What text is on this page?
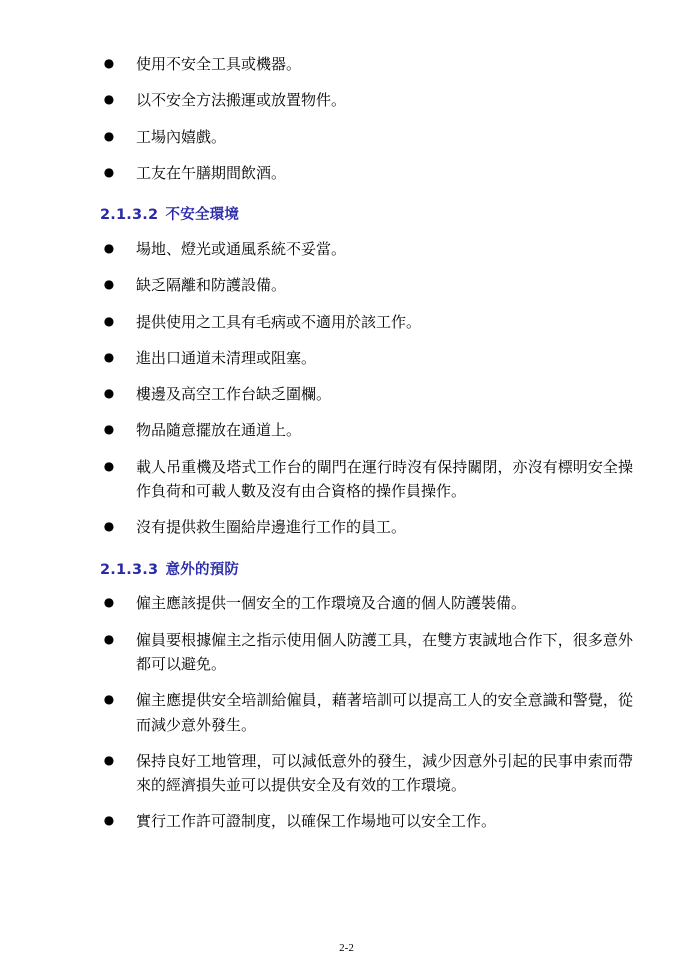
● 使用不安全工具或機器。
● 以不安全方法搬運或放置物件。
● 工場內嬉戲。
● 工友在午膳期間飲酒。
2.1.3.2 不安全環境
● 場地、燈光或通風系統不妥當。
● 缺乏隔離和防護設備。
● 提供使用之工具有毛病或不適用於該工作。
● 進出口通道未清理或阻塞。
● 樓邊及高空工作台缺乏圍欄。
● 物品隨意擺放在通道上。
● 載人吊重機及塔式工作台的閘門在運行時沒有保持關閉，亦沒有標明安全操作負荷和可載人數及沒有由合資格的操作員操作。
● 沒有提供救生圈給岸邊進行工作的員工。
2.1.3.3 意外的預防
● 僱主應該提供一個安全的工作環境及合適的個人防護裝備。
● 僱員要根據僱主之指示使用個人防護工具，在雙方衷誠地合作下，很多意外都可以避免。
● 僱主應提供安全培訓給僱員，藉著培訓可以提高工人的安全意識和警覺，從而減少意外發生。
● 保持良好工地管理，可以減低意外的發生，減少因意外引起的民事申索而帶來的經濟損失並可以提供安全及有效的工作環境。
● 實行工作許可證制度，以確保工作場地可以安全工作。
2-2
